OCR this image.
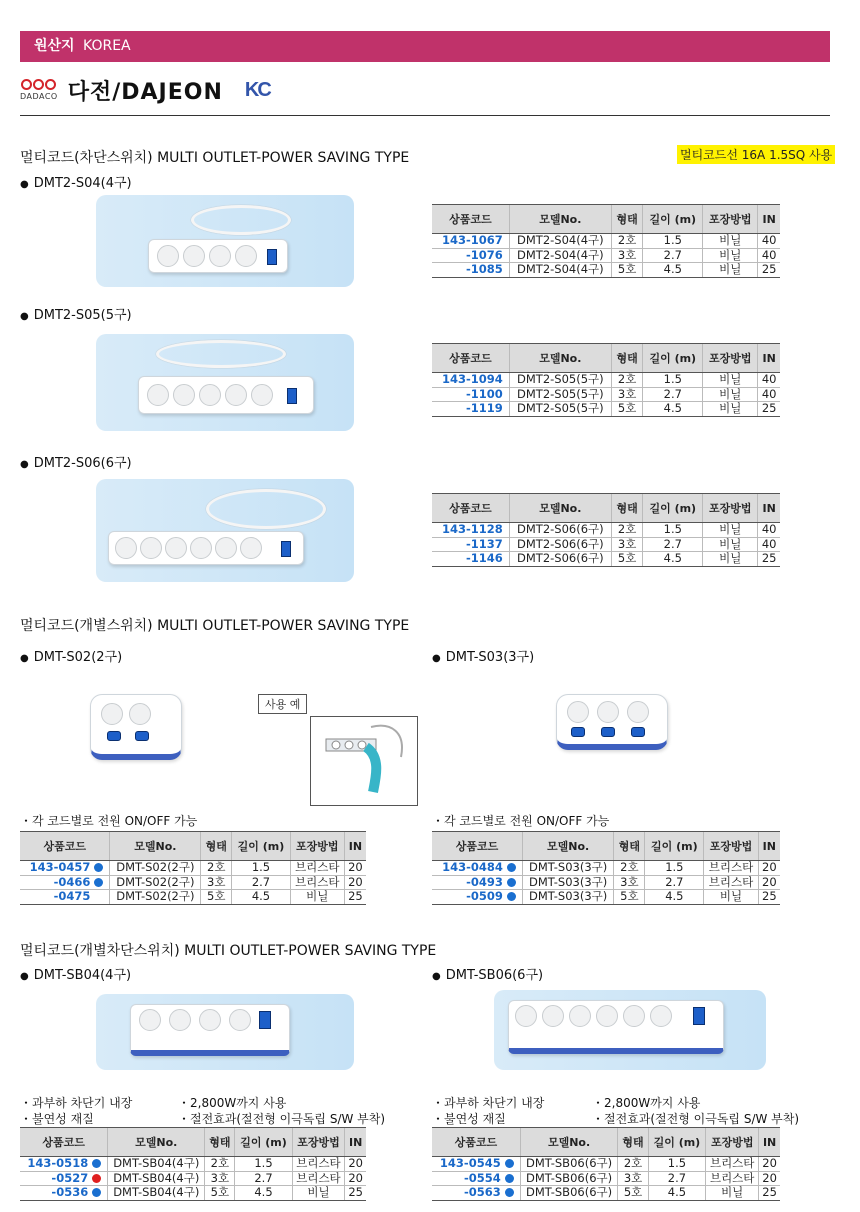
원산지 KOREA
DADACO 다전/DAJEON KC
멀티코드(차단스위치) MULTI OUTLET-POWER SAVING TYPE	멀티코드선 16A 1.5SQ 사용
● DMT2-S04(4구)
상품코드	모델No.	형태	길이 (m)	포장방법	IN
143-1067	DMT2-S04(4구)	2호	1.5	비닐	40
-1076	DMT2-S04(4구)	3호	2.7	비닐	40
-1085	DMT2-S04(4구)	5호	4.5	비닐	25
● DMT2-S05(5구)
상품코드	모델No.	형태	길이 (m)	포장방법	IN
143-1094	DMT2-S05(5구)	2호	1.5	비닐	40
-1100	DMT2-S05(5구)	3호	2.7	비닐	40
-1119	DMT2-S05(5구)	5호	4.5	비닐	25
● DMT2-S06(6구)
상품코드	모델No.	형태	길이 (m)	포장방법	IN
143-1128	DMT2-S06(6구)	2호	1.5	비닐	40
-1137	DMT2-S06(6구)	3호	2.7	비닐	40
-1146	DMT2-S06(6구)	5호	4.5	비닐	25
멀티코드(개별스위치) MULTI OUTLET-POWER SAVING TYPE
● DMT-S02(2구)
사용 예
・각 코드별로 전원 ON/OFF 가능
상품코드	모델No.	형태	길이 (m)	포장방법	IN
143-0457	DMT-S02(2구)	2호	1.5	브리스타	20
-0466	DMT-S02(2구)	3호	2.7	브리스타	20
-0475	DMT-S02(2구)	5호	4.5	비닐	25
● DMT-S03(3구)
・각 코드별로 전원 ON/OFF 가능
상품코드	모델No.	형태	길이 (m)	포장방법	IN
143-0484	DMT-S03(3구)	2호	1.5	브리스타	20
-0493	DMT-S03(3구)	3호	2.7	브리스타	20
-0509	DMT-S03(3구)	5호	4.5	비닐	25
멀티코드(개별차단스위치) MULTI OUTLET-POWER SAVING TYPE
● DMT-SB04(4구)
・과부하 차단기 내장	・2,800W까지 사용
・불연성 재질	・절전효과(절전형 이극독립 S/W 부착)
상품코드	모델No.	형태	길이 (m)	포장방법	IN
143-0518	DMT-SB04(4구)	2호	1.5	브리스타	20
-0527	DMT-SB04(4구)	3호	2.7	브리스타	20
-0536	DMT-SB04(4구)	5호	4.5	비닐	25
● DMT-SB06(6구)
・과부하 차단기 내장	・2,800W까지 사용
・불연성 재질	・절전효과(절전형 이극독립 S/W 부착)
상품코드	모델No.	형태	길이 (m)	포장방법	IN
143-0545	DMT-SB06(6구)	2호	1.5	브리스타	20
-0554	DMT-SB06(6구)	3호	2.7	브리스타	20
-0563	DMT-SB06(6구)	5호	4.5	비닐	25
